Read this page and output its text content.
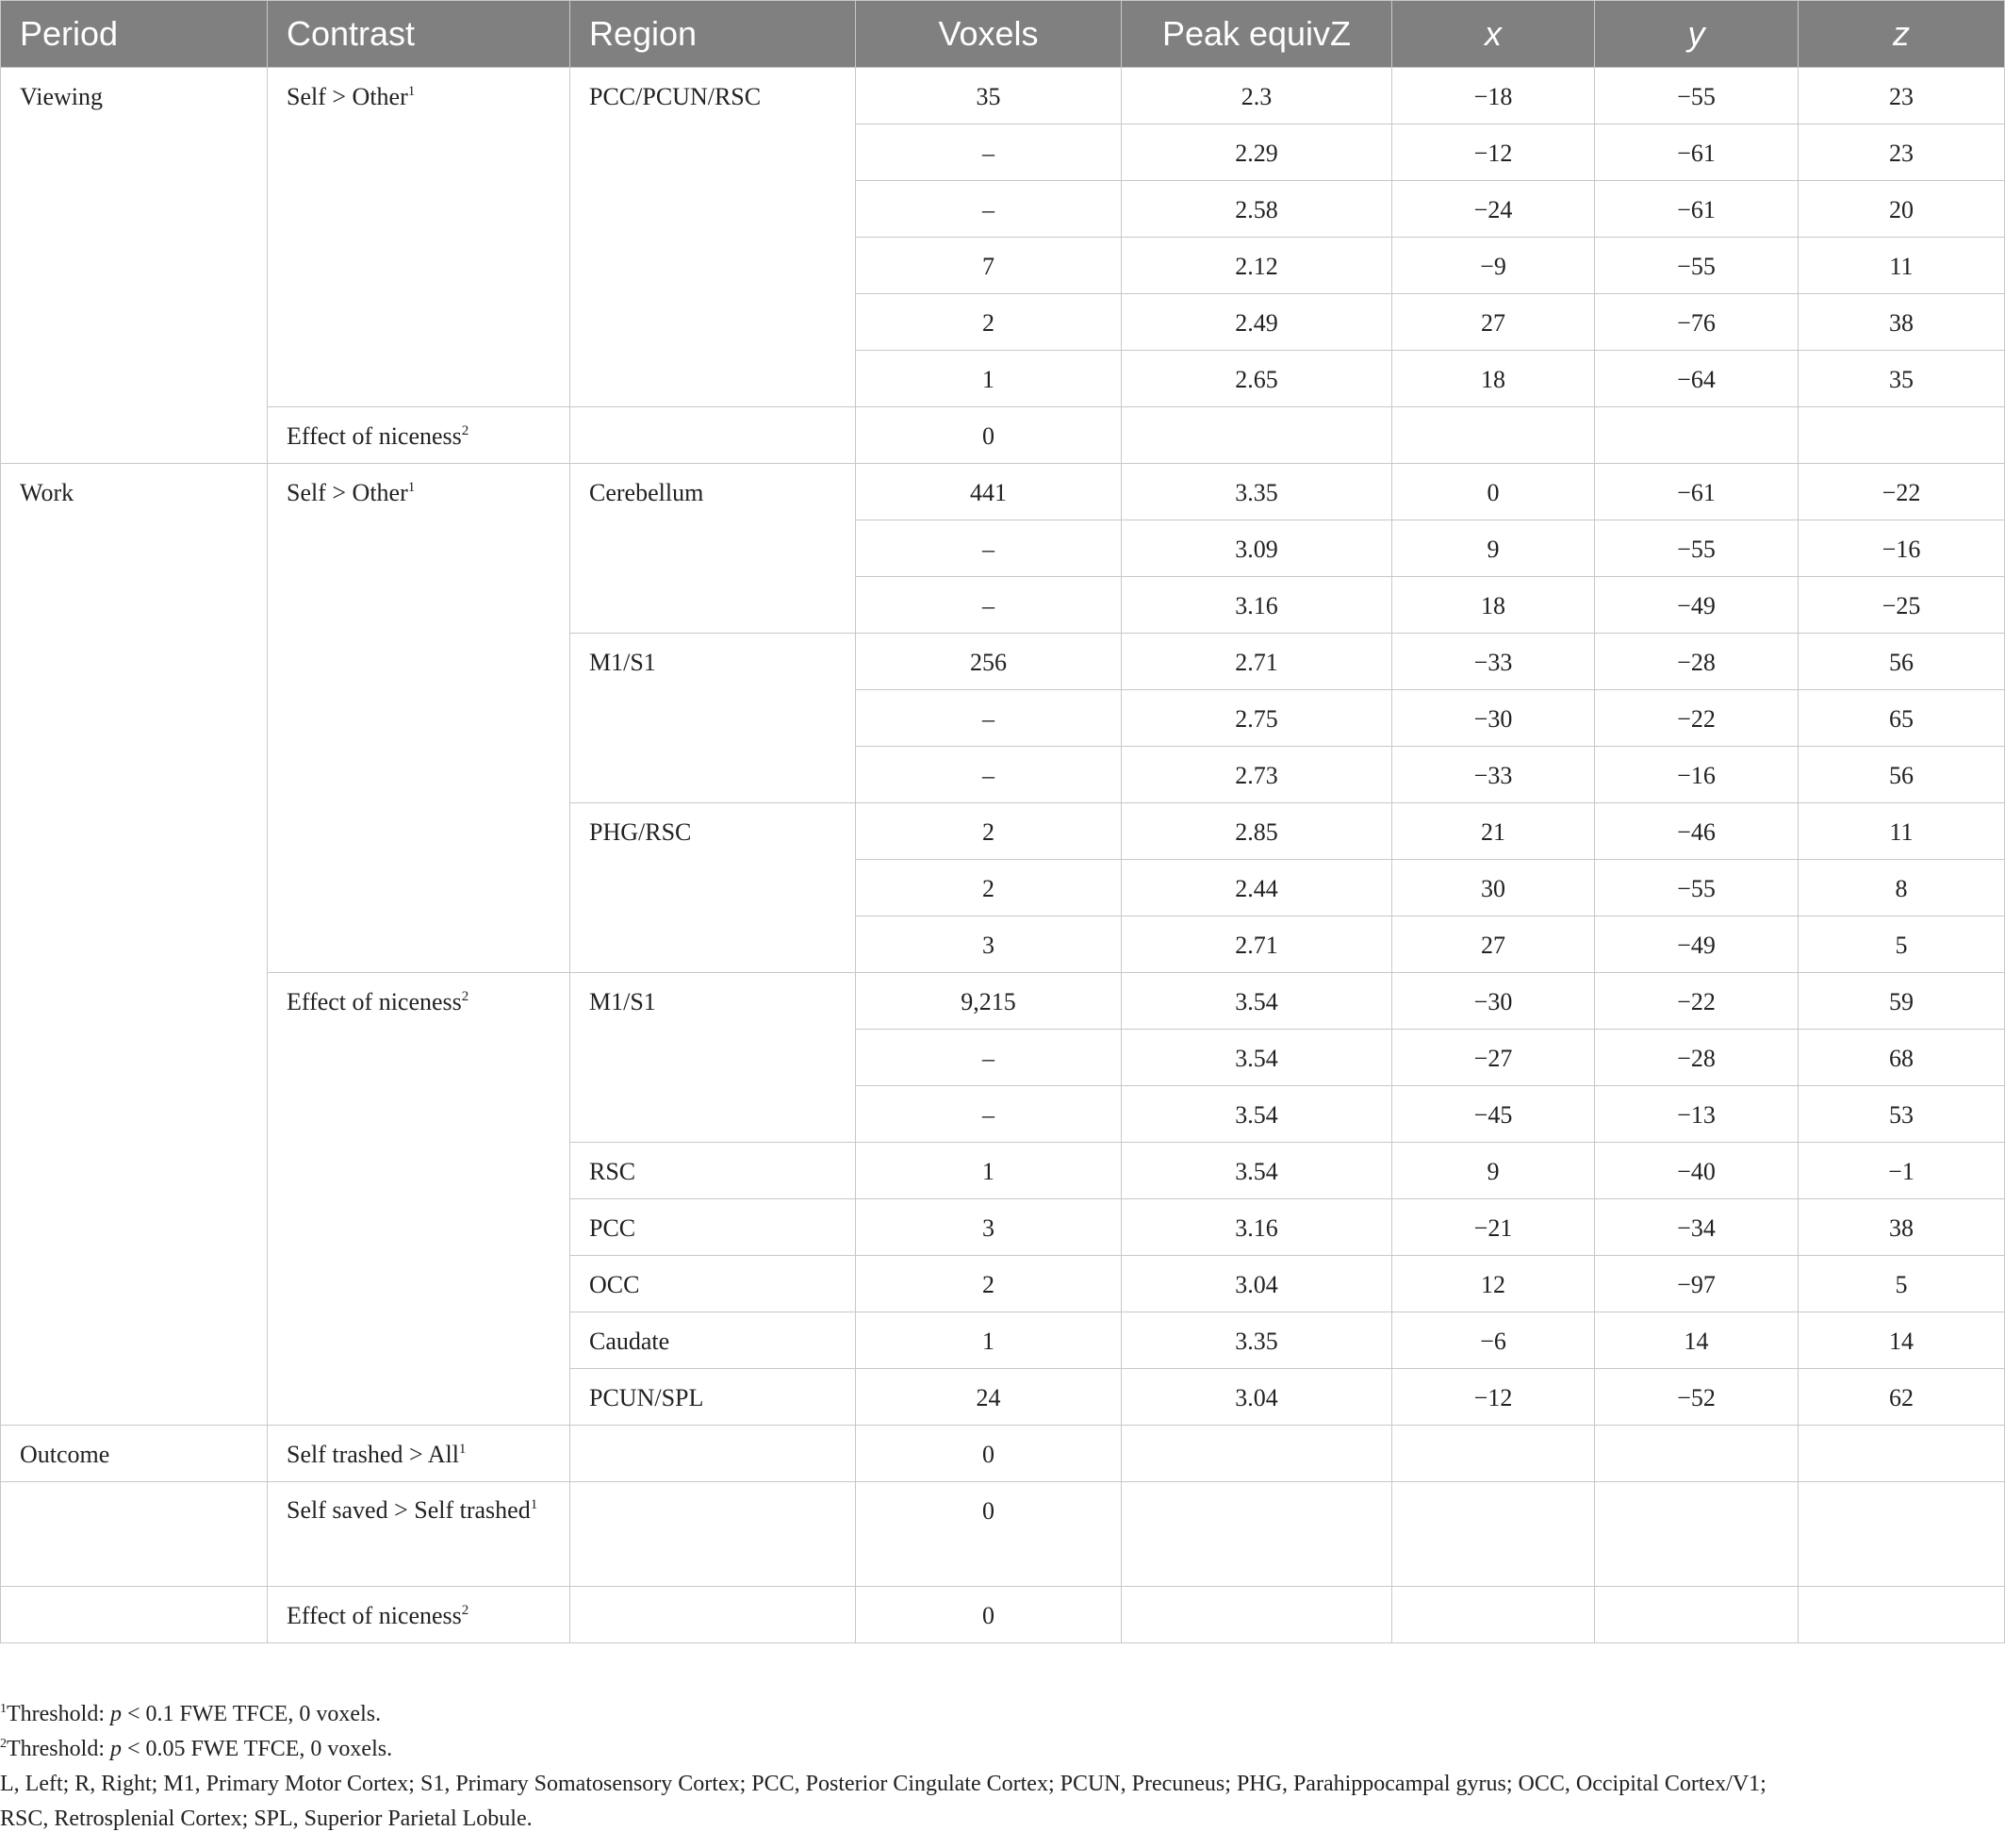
Period	Contrast	Region	Voxels	Peak equivZ	x	y	z
Viewing	Self > Other$^1$	PCC/PCUN/RSC	35	2.3	−18	−55	23
			–	2.29	−12	−61	23
			–	2.58	−24	−61	20
			7	2.12	−9	−55	11
			2	2.49	27	−76	38
			1	2.65	18	−64	35
	Effect of niceness$^2$		0				
Work	Self > Other$^1$	Cerebellum	441	3.35	0	−61	−22
			–	3.09	9	−55	−16
			–	3.16	18	−49	−25
		M1/S1	256	2.71	−33	−28	56
			–	2.75	−30	−22	65
			–	2.73	−33	−16	56
		PHG/RSC	2	2.85	21	−46	11
			2	2.44	30	−55	8
			3	2.71	27	−49	5
	Effect of niceness$^2$	M1/S1	9,215	3.54	−30	−22	59
			–	3.54	−27	−28	68
			–	3.54	−45	−13	53
		RSC	1	3.54	9	−40	−1
		PCC	3	3.16	−21	−34	38
		OCC	2	3.04	12	−97	5
		Caudate	1	3.35	−6	14	14
		PCUN/SPL	24	3.04	−12	−52	62
Outcome	Self trashed > All$^1$		0				
	Self saved > Self trashed$^1$		0				
	Effect of niceness$^2$		0				

$^1$Threshold: p < 0.1 FWE TFCE, 0 voxels.

$^2$Threshold: p < 0.05 FWE TFCE, 0 voxels.

L, Left; R, Right; M1, Primary Motor Cortex; S1, Primary Somatosensory Cortex; PCC, Posterior Cingulate Cortex; PCUN, Precuneus; PHG, Parahippocampal gyrus; OCC, Occipital Cortex/V1;

RSC, Retrosplenial Cortex; SPL, Superior Parietal Lobule.
